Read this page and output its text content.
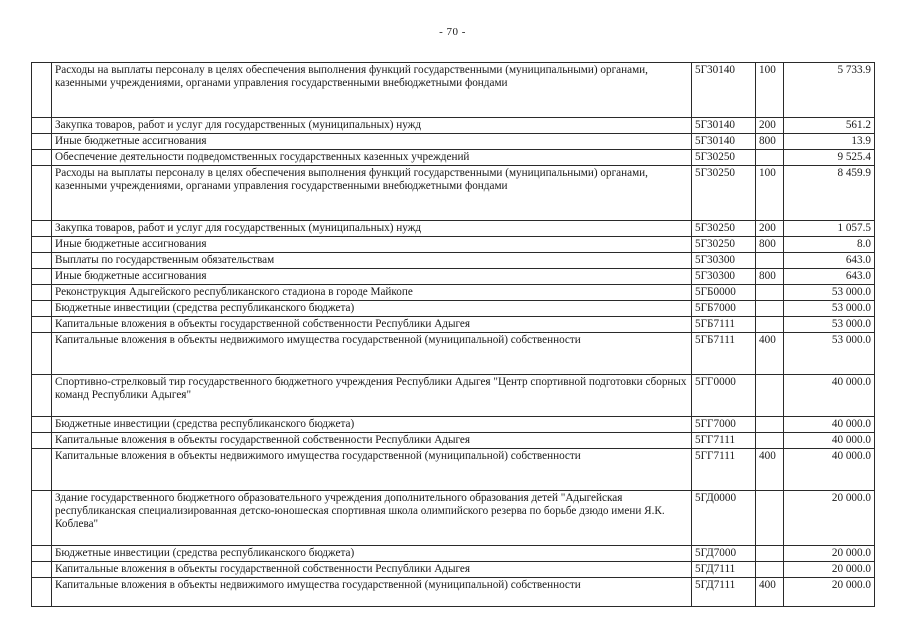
- 70 -
	Расходы на выплаты персоналу в целях обеспечения выполнения функций государственными (муниципальными) органами, казенными учреждениями, органами управления государственными внебюджетными фондами	5Г30140	100	5 733.9
	Закупка товаров, работ и услуг для государственных (муниципальных) нужд	5Г30140	200	561.2
	Иные бюджетные ассигнования	5Г30140	800	13.9
	Обеспечение деятельности подведомственных государственных казенных учреждений	5Г30250		9 525.4
	Расходы на выплаты персоналу в целях обеспечения выполнения функций государственными (муниципальными) органами, казенными учреждениями, органами управления государственными внебюджетными фондами	5Г30250	100	8 459.9
	Закупка товаров, работ и услуг для государственных (муниципальных) нужд	5Г30250	200	1 057.5
	Иные бюджетные ассигнования	5Г30250	800	8.0
	Выплаты по государственным обязательствам	5Г30300		643.0
	Иные бюджетные ассигнования	5Г30300	800	643.0
	Реконструкция Адыгейского республиканского стадиона в городе Майкопе	5ГБ0000		53 000.0
	Бюджетные инвестиции (средства республиканского бюджета)	5ГБ7000		53 000.0
	Капитальные вложения в объекты государственной собственности Республики Адыгея	5ГБ7111		53 000.0
	Капитальные вложения в объекты недвижимого имущества государственной (муниципальной) собственности	5ГБ7111	400	53 000.0
	Спортивно-стрелковый тир государственного бюджетного учреждения Республики Адыгея "Центр спортивной подготовки сборных команд Республики Адыгея"	5ГГ0000		40 000.0
	Бюджетные инвестиции (средства республиканского бюджета)	5ГГ7000		40 000.0
	Капитальные вложения в объекты государственной собственности Республики Адыгея	5ГГ7111		40 000.0
	Капитальные вложения в объекты недвижимого имущества государственной (муниципальной) собственности	5ГГ7111	400	40 000.0
	Здание государственного бюджетного образовательного учреждения дополнительного образования детей "Адыгейская республиканская специализированная детско-юношеская спортивная школа олимпийского резерва по борьбе дзюдо имени Я.К. Коблева"	5ГД0000		20 000.0
	Бюджетные инвестиции (средства республиканского бюджета)	5ГД7000		20 000.0
	Капитальные вложения в объекты государственной собственности Республики Адыгея	5ГД7111		20 000.0
	Капитальные вложения в объекты недвижимого имущества государственной (муниципальной) собственности	5ГД7111	400	20 000.0
